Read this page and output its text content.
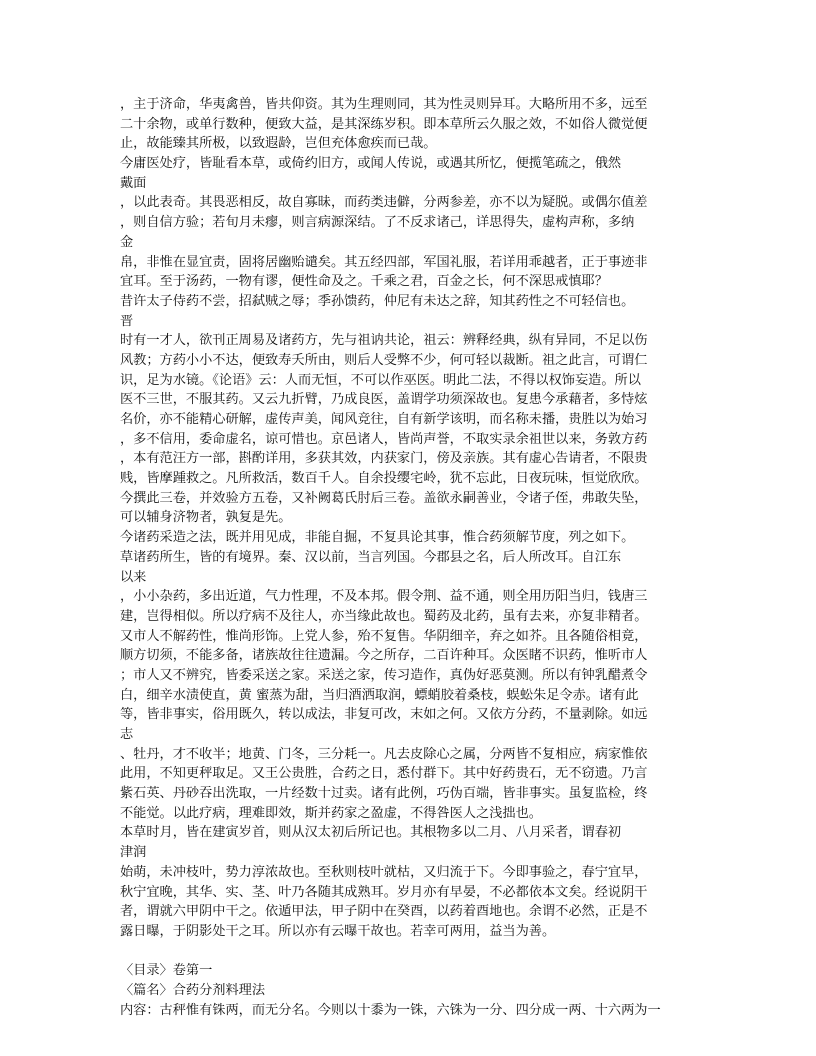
，主于济命，华夷禽兽，皆共仰资。其为生理则同，其为性灵则异耳。大略所用不多，远至
二十余物，或单行数种，便致大益，是其深练岁积。即本草所云久服之效，不如俗人微觉便
止，故能臻其所极，以致遐龄，岂但充体愈疾而已哉。
今庸医处疗，皆耻看本草，或倚约旧方，或闻人传说，或遇其所忆，便揽笔疏之，俄然
戴面
，以此表奇。其畏恶相反，故自寡昧，而药类违僻，分两参差，亦不以为疑脱。或偶尔值差
，则自信方验；若旬月未瘳，则言病源深结。了不反求诸己，详思得失，虚构声称，多纳
金
帛，非惟在显宜责，固将居幽贻谴矣。其五经四部，军国礼服，若详用乖越者，正于事迹非
宜耳。至于汤药，一物有谬，便性命及之。千乘之君，百金之长，何不深思戒慎耶？
昔许太子侍药不尝，招弑贼之辱；季孙馈药，仲尼有未达之辞，知其药性之不可轻信也。
晋
时有一才人，欲刊正周易及诸药方，先与祖讷共论，祖云：辨释经典，纵有异同，不足以伤
风教；方药小小不达，便致寿夭所由，则后人受弊不少，何可轻以裁断。祖之此言，可谓仁
识，足为水镜。《论语》云：人而无恒，不可以作巫医。明此二法，不得以权饰妄造。所以
医不三世，不服其药。又云九折臂，乃成良医，盖谓学功须深故也。复患今承藉者，多恃炫
名价，亦不能精心研解，虚传声美，闻风竞往，自有新学该明，而名称未播，贵胜以为始习
，多不信用，委命虚名，谅可惜也。京邑诸人，皆尚声誉，不取实录余祖世以来，务敦方药
，本有范汪方一部，斟酌详用，多获其效，内获家门，傍及亲族。其有虚心告请者，不限贵
贱，皆摩踵救之。凡所救活，数百千人。自余投缨宅岭，犹不忘此，日夜玩味，恒觉欣欣。
今撰此三卷，并效验方五卷，又补阙葛氏肘后三卷。盖欲永嗣善业，令诸子侄，弗敢失坠，
可以辅身济物者，孰复是先。
今诸药采造之法，既并用见成，非能自掘，不复具论其事，惟合药须解节度，列之如下。
草诸药所生，皆的有境界。秦、汉以前，当言列国。今郡县之名，后人所改耳。自江东
以来
，小小杂药，多出近道，气力性理，不及本邦。假令荆、益不通，则全用历阳当归，钱唐三
建，岂得相似。所以疗病不及往人，亦当缘此故也。蜀药及北药，虽有去来，亦复非精者。
又市人不解药性，惟尚形饰。上党人参，殆不复售。华阴细辛，弃之如芥。且各随俗相竟，
顺方切须，不能多备，诸族故往往遗漏。今之所存，二百许种耳。众医睹不识药，惟听市人
；市人又不辨究，皆委采送之家。采送之家，传习造作，真伪好恶莫测。所以有钟乳醋煮令
白，细辛水渍使直，黄 蜜蒸为甜，当归酒洒取润，螵蛸胶着桑枝，蜈蚣朱足令赤。诸有此
等，皆非事实，俗用既久，转以成法，非复可改，末如之何。又依方分药，不量剥除。如远
志
、牡丹，才不收半；地黄、门冬，三分耗一。凡去皮除心之属，分两皆不复相应，病家惟依
此用，不知更秤取足。又王公贵胜，合药之日，悉付群下。其中好药贵石，无不窃遗。乃言
紫石英、丹砂吞出洗取，一片经数十过卖。诸有此例，巧伪百端，皆非事实。虽复监检，终
不能觉。以此疗病，理难即效，斯并药家之盈虚，不得咎医人之浅拙也。
本草时月，皆在建寅岁首，则从汉太初后所记也。其根物多以二月、八月采者，谓春初
津润
始萌，未冲枝叶，势力淳浓故也。至秋则枝叶就枯，又归流于下。今即事验之，春宁宜早，
秋宁宜晚，其华、实、茎、叶乃各随其成熟耳。岁月亦有早晏，不必都依本文矣。经说阴干
者，谓就六甲阴中干之。依遁甲法，甲子阴中在癸酉，以药着酉地也。余谓不必然，正是不
露日曝，于阴影处干之耳。所以亦有云曝干故也。若幸可两用，益当为善。
〈目录〉卷第一
〈篇名〉合药分剂料理法
内容：古秤惟有铢两，而无分名。今则以十黍为一铢，六铢为一分、四分成一两、十六两为一
